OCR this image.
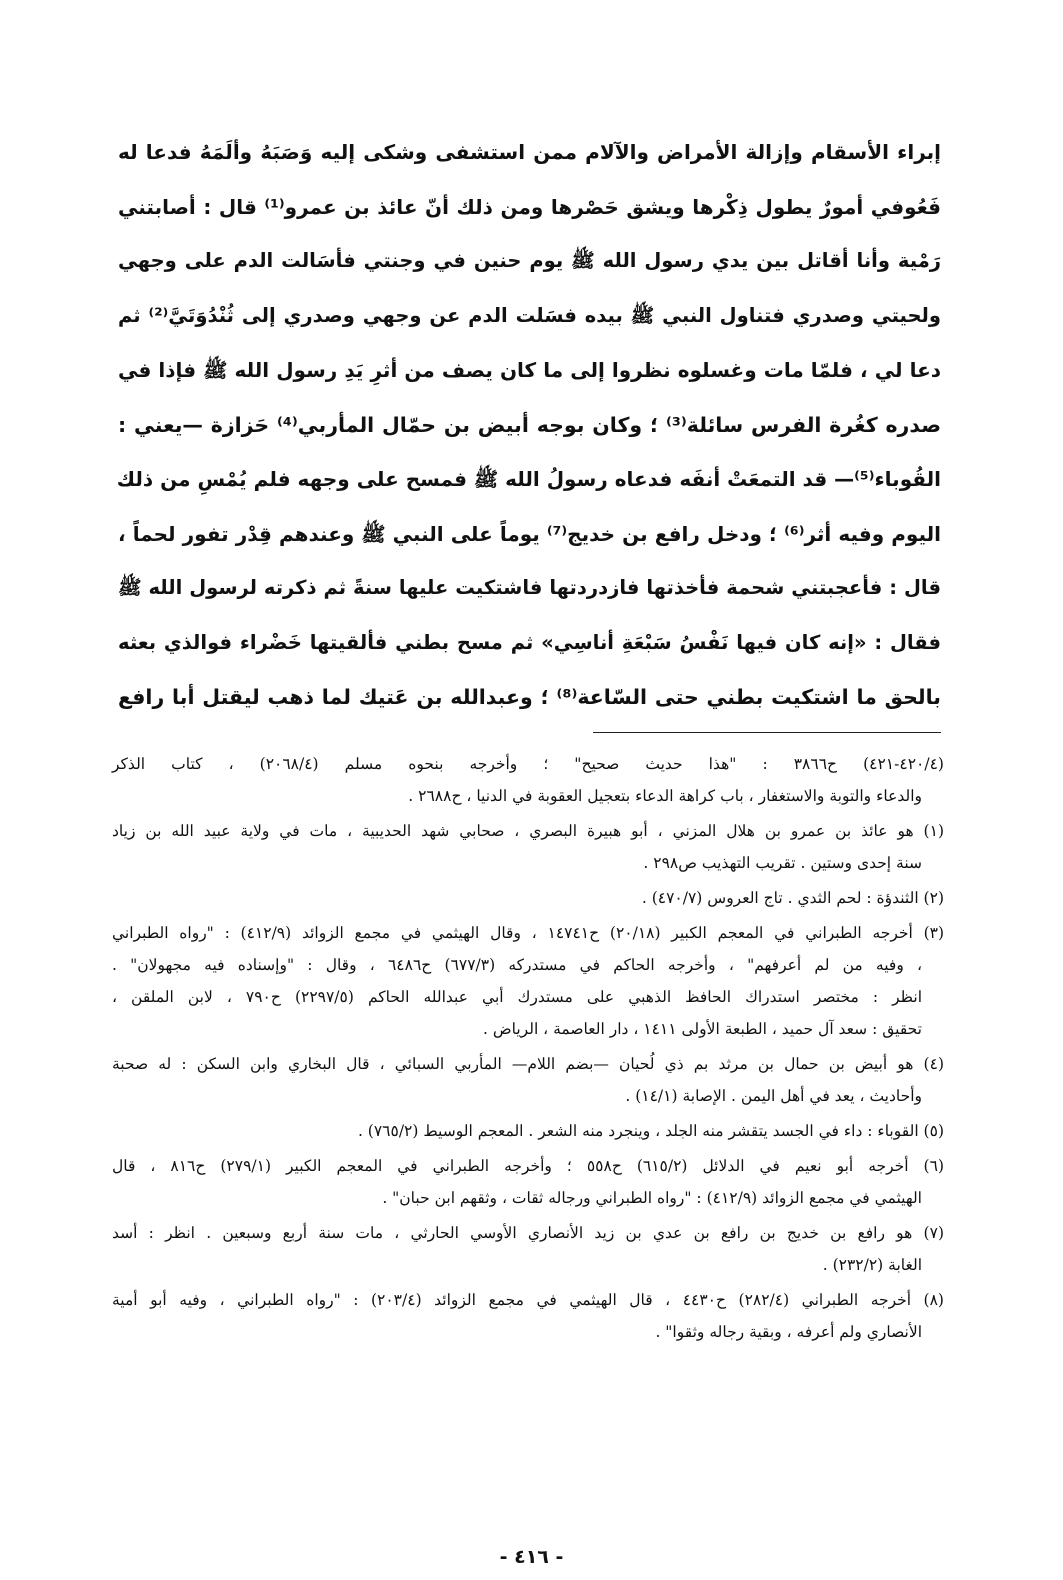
إبراء الأسقام وإزالة الأمراض والآلام ممن استشفى وشكى إليه وَصَبَهُ وألَمَهُ فدعا له
فَعُوفي أمورٌ يطول ذِكْرها ويشق حَصْرها ومن ذلك أنّ عائذ بن عمرو⁽¹⁾ قال : أصابتني
رَمْية وأنا أقاتل بين يدي رسول الله ﷺ يوم حنين في وجنتي فأسَالت الدم على وجهي
ولحيتي وصدري فتناول النبي ﷺ بيده فسَلت الدم عن وجهي وصدري إلى ثُنْدُوَتَيَّ⁽²⁾ ثم
دعا لي ، فلمّا مات وغسلوه نظروا إلى ما كان يصف من أثرِ يَدِ رسول الله ﷺ فإذا في
صدره كغُرة الفرس سائلة⁽³⁾ ؛ وكان بوجه أبيض بن حمّال المأربي⁽⁴⁾ حَزازة —يعني :
القُوباء⁽⁵⁾— قد التمعَتْ أنفَه فدعاه رسولُ الله ﷺ فمسح على وجهه فلم يُمْسِ من ذلك
اليوم وفيه أثر⁽⁶⁾ ؛ ودخل رافع بن خديج⁽⁷⁾ يوماً على النبي ﷺ وعندهم قِدْر تفور لحماً ،
قال : فأعجبتني شحمة فأخذتها فازدردتها فاشتكيت عليها سنةً ثم ذكرته لرسول الله ﷺ
فقال : «إنه كان فيها نَفْسُ سَبْعَةِ أناسِي» ثم مسح بطني فألقيتها خَضْراء فوالذي بعثه
بالحق ما اشتكيت بطني حتى السّاعة⁽⁸⁾ ؛ وعبدالله بن عَتيك لما ذهب ليقتل أبا رافع
(٤٢٠/٤-٤٢١) ح٣٨٦٦ : "هذا حديث صحيح" ؛ وأخرجه بنحوه مسلم (٢٠٦٨/٤) ، كتاب الذكر
والدعاء والتوبة والاستغفار ، باب كراهة الدعاء بتعجيل العقوبة في الدنيا ، ح٢٦٨٨ .
(١) هو عائذ بن عمرو بن هلال المزني ، أبو هبيرة البصري ، صحابي شهد الحديبية ، مات في ولاية عبيد الله بن زياد
سنة إحدى وستين . تقريب التهذيب ص٢٩٨ .
(٢) الثندؤة : لحم الثدي . تاج العروس (٤٧٠/٧) .
(٣) أخرجه الطبراني في المعجم الكبير (٢٠/١٨) ح١٤٧٤١ ، وقال الهيثمي في مجمع الزوائد (٤١٢/٩) : "رواه الطبراني
، وفيه من لم أعرفهم" ، وأخرجه الحاكم في مستدركه (٦٧٧/٣) ح٦٤٨٦ ، وقال : "وإسناده فيه مجهولان" .
انظر : مختصر استدراك الحافظ الذهبي على مستدرك أبي عبدالله الحاكم (٢٢٩٧/٥) ح٧٩٠ ، لابن الملقن ،
تحقيق : سعد آل حميد ، الطبعة الأولى ١٤١١ ، دار العاصمة ، الرياض .
(٤) هو أبيض بن حمال بن مرثد بم ذي لُحيان —بضم اللام— المأربي السبائي ، قال البخاري وابن السكن : له صحبة
وأحاديث ، يعد في أهل اليمن . الإصابة (١٤/١) .
(٥) القوباء : داء في الجسد يتقشر منه الجلد ، وينجرد منه الشعر . المعجم الوسيط (٧٦٥/٢) .
(٦) أخرجه أبو نعيم في الدلائل (٦١٥/٢) ح٥٥٨ ؛ وأخرجه الطبراني في المعجم الكبير (٢٧٩/١) ح٨١٦ ، قال
الهيثمي في مجمع الزوائد (٤١٢/٩) : "رواه الطبراني ورجاله ثقات ، وثقهم ابن حبان" .
(٧) هو رافع بن خديج بن رافع بن عدي بن زيد الأنصاري الأوسي الحارثي ، مات سنة أربع وسبعين . انظر : أسد
الغابة (٢٣٢/٢) .
(٨) أخرجه الطبراني (٢٨٢/٤) ح٤٤٣٠ ، قال الهيثمي في مجمع الزوائد (٢٠٣/٤) : "رواه الطبراني ، وفيه أبو أمية
الأنصاري ولم أعرفه ، وبقية رجاله وثقوا" .
- ٤١٦ -
